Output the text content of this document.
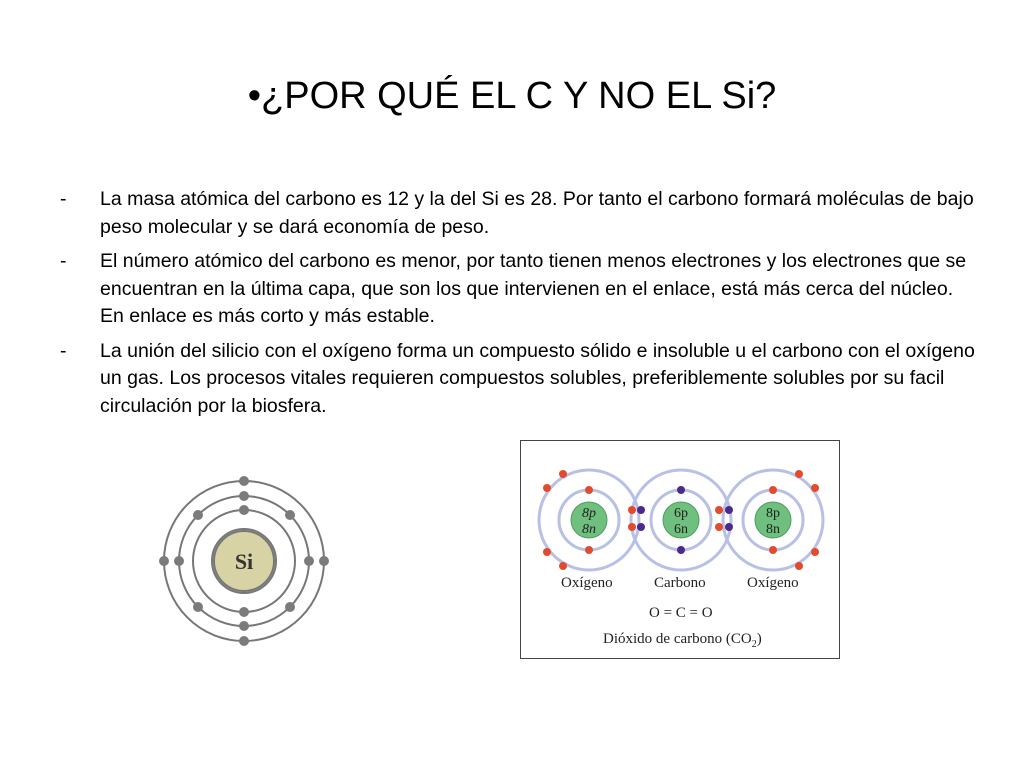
•¿POR QUÉ EL C Y NO EL Si?
- La masa atómica del carbono es 12 y la del Si es 28. Por tanto el carbono formará moléculas de bajo peso molecular y se dará economía de peso.
- El número atómico del carbono es menor, por tanto tienen menos electrones y los electrones que se encuentran en la última capa, que son los que intervienen en el enlace, está más cerca del núcleo. En enlace es más corto y más estable.
- La unión del silicio con el oxígeno forma un compuesto sólido e insoluble u el carbono con el oxígeno un gas. Los procesos vitales requieren compuestos solubles, preferiblemente solubles por su facil circulación por la biosfera.
Si
8p
8n
6p
6n
8p
8n
Oxígeno	Carbono	Oxígeno
O = C = O
Dióxido de carbono $(CO_2)$
